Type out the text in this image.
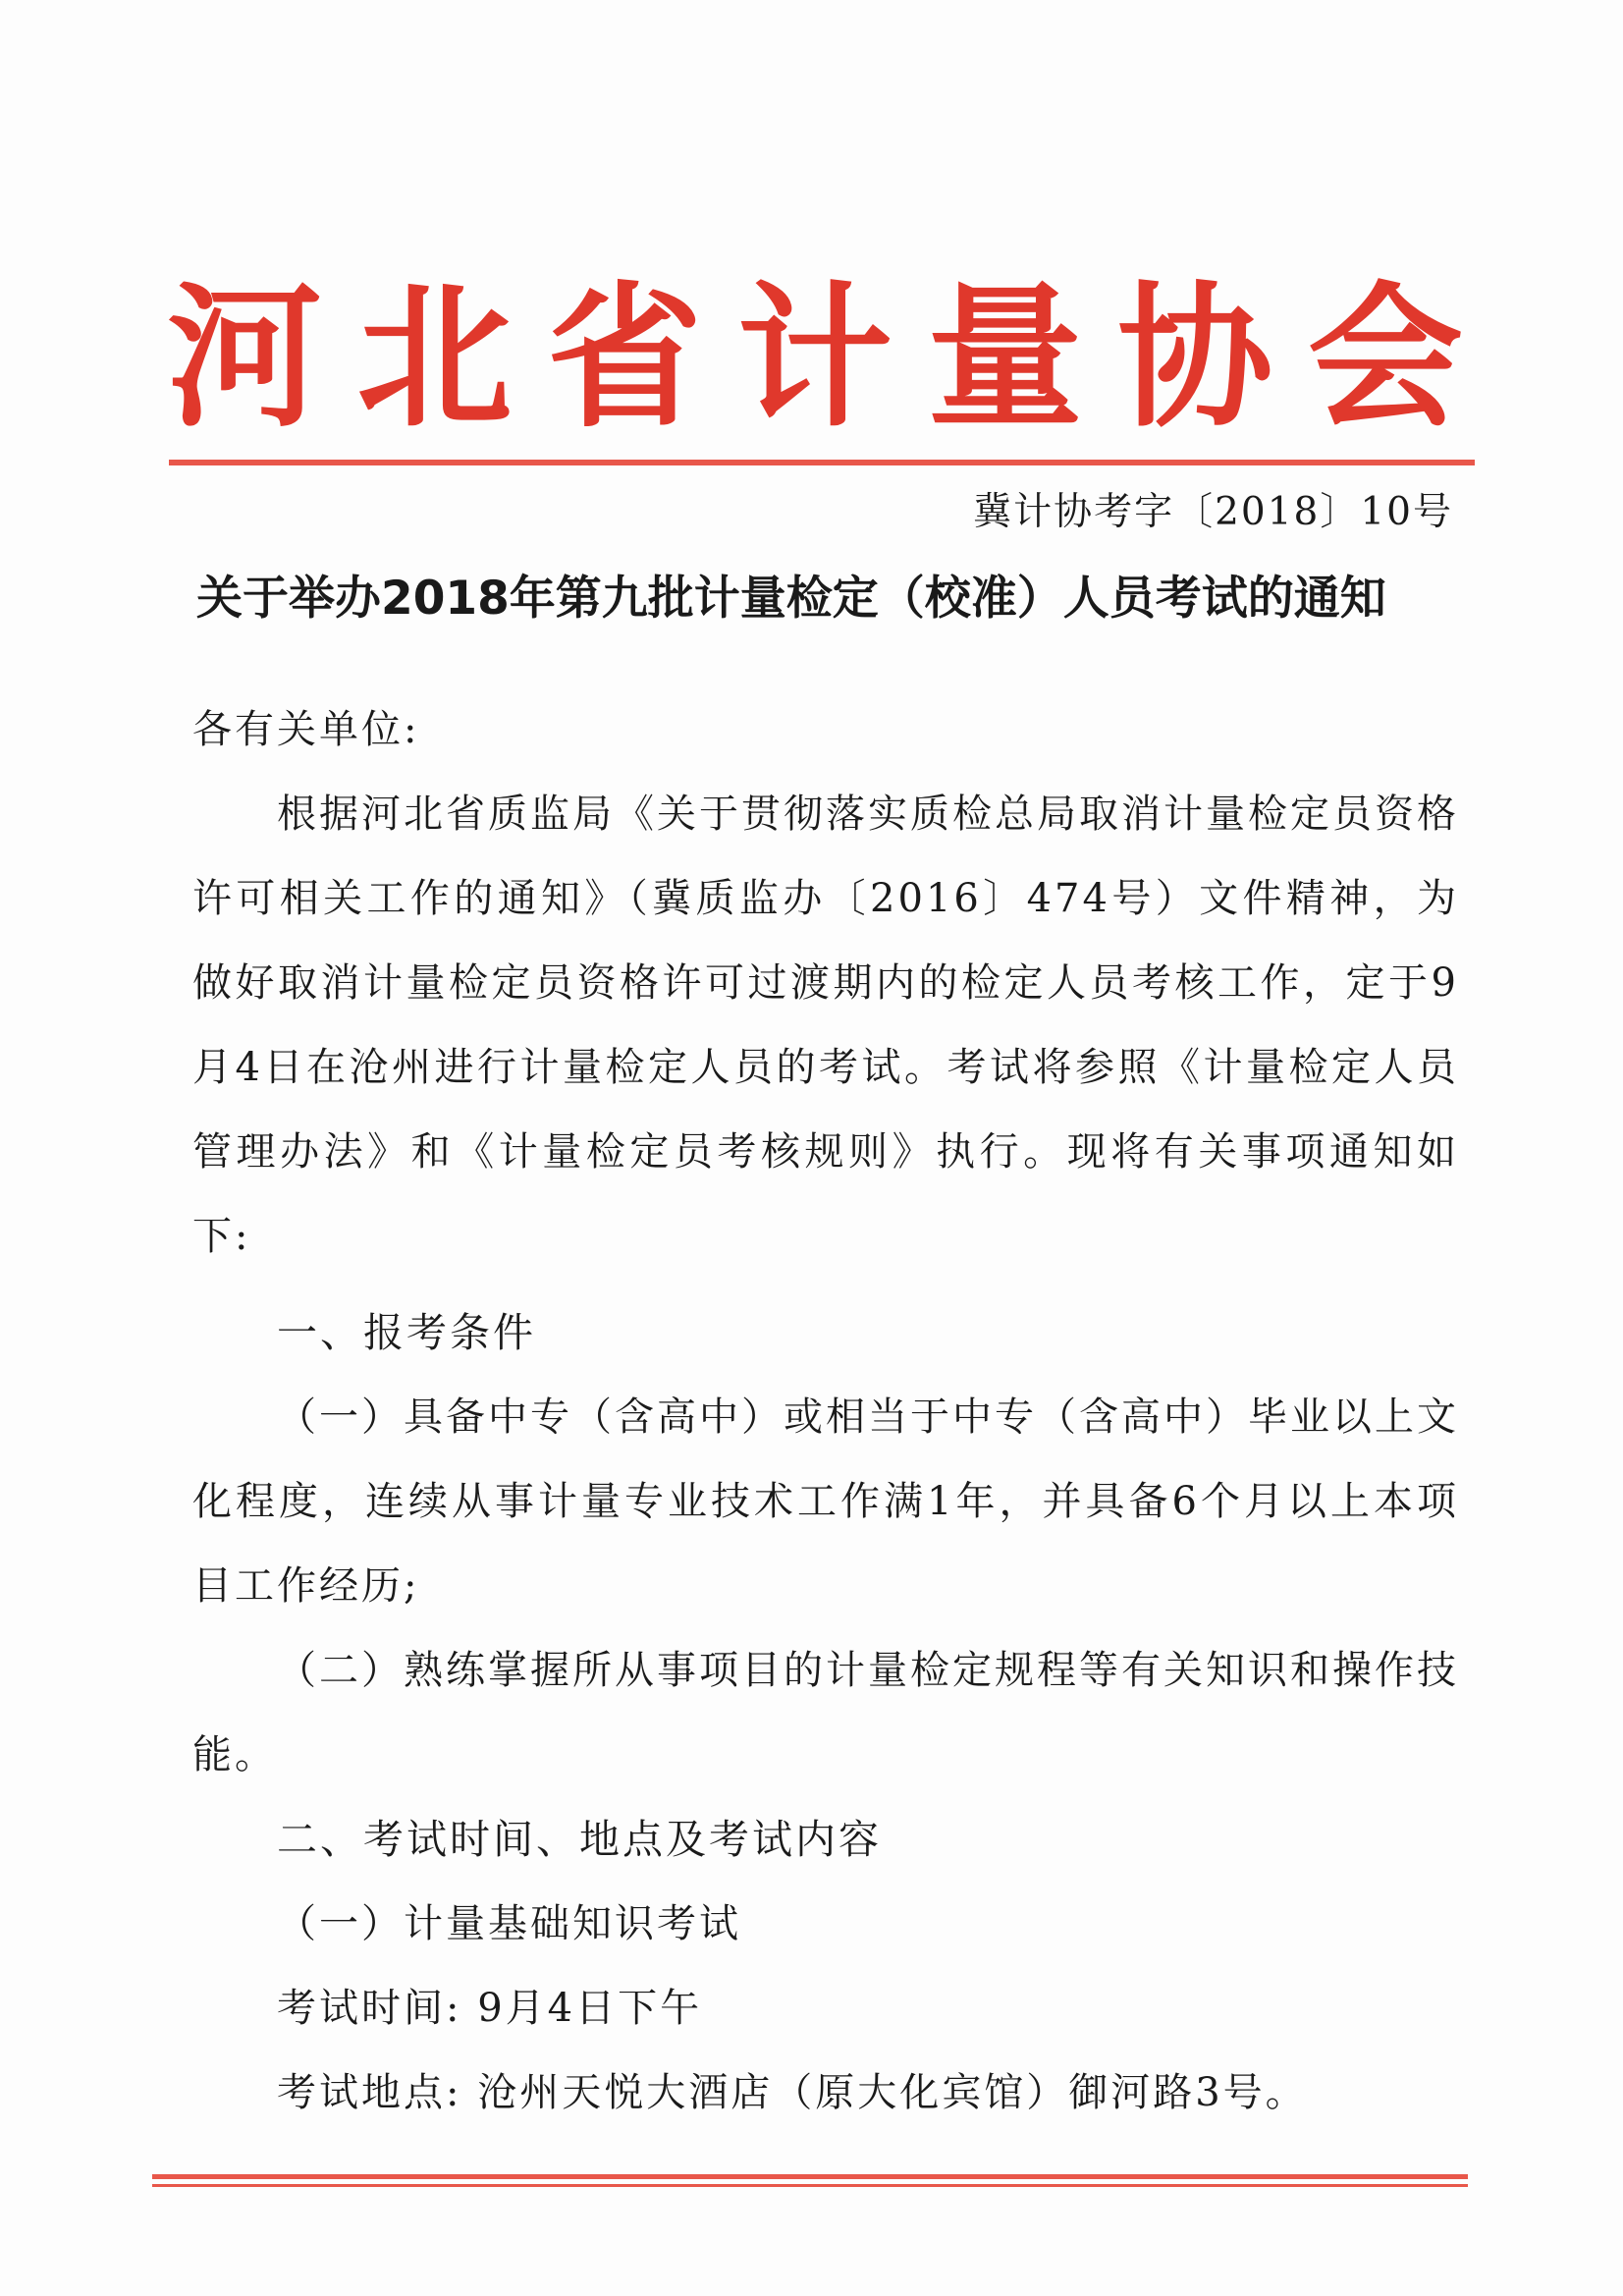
河 北 省 计 量 协 会
冀计协考字〔2018〕10号
关于举办2018年第九批计量检定（校准）人员考试的通知
各有关单位:
根据河北省质监局《关于贯彻落实质检总局取消计量检定员资格许可相关工作的通知》（冀质监办〔2016〕474号）文件精神，为做好取消计量检定员资格许可过渡期内的检定人员考核工作，定于9月4日在沧州进行计量检定人员的考试。考试将参照《计量检定人员管理办法》和《计量检定员考核规则》执行。现将有关事项通知如下:
一、报考条件
（一）具备中专（含高中）或相当于中专（含高中）毕业以上文化程度，连续从事计量专业技术工作满1年，并具备6个月以上本项目工作经历;
（二）熟练掌握所从事项目的计量检定规程等有关知识和操作技能。
二、考试时间、地点及考试内容
（一）计量基础知识考试
考试时间: 9月4日下午
考试地点: 沧州天悦大酒店（原大化宾馆）御河路3号。
